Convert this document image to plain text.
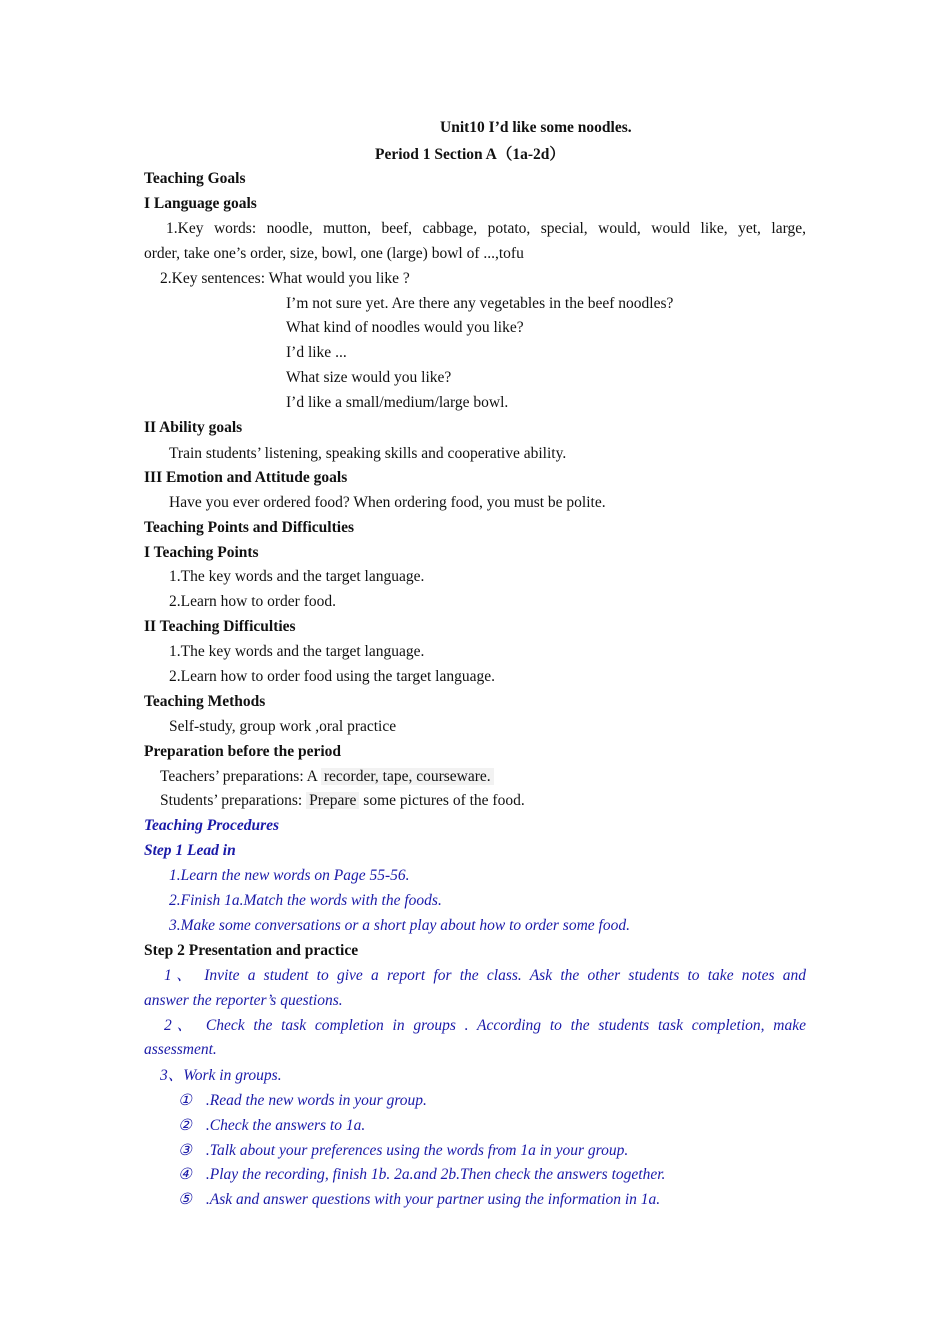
Unit10 I’d like some noodles.
Period 1 Section A（1a-2d）
Teaching Goals
I Language goals
1.Key words: noodle, mutton, beef, cabbage, potato, special, would, would like, yet, large,
order, take one’s order, size, bowl, one (large) bowl of ...,tofu
2.Key sentences: What would you like ?
I’m not sure yet. Are there any vegetables in the beef noodles?
What kind of noodles would you like?
I’d like ...
What size would you like?
I’d like a small/medium/large bowl.
II Ability goals
Train students’ listening, speaking skills and cooperative ability.
III Emotion and Attitude goals
Have you ever ordered food? When ordering food, you must be polite.
Teaching Points and Difficulties
I Teaching Points
1.The key words and the target language.
2.Learn how to order food.
II Teaching Difficulties
1.The key words and the target language.
2.Learn how to order food using the target language.
Teaching Methods
Self-study, group work ,oral practice
Preparation before the period
Teachers’ preparations: A recorder, tape, courseware.
Students’ preparations: Prepare some pictures of the food.
Teaching Procedures
Step 1 Lead in
1.Learn the new words on Page 55-56.
2.Finish 1a.Match the words with the foods.
3.Make some conversations or a short play about how to order some food.
Step 2 Presentation and practice
1、 Invite a student to give a report for the class. Ask the other students to take notes and
answer the reporter’s questions.
2、 Check the task completion in groups . According to the students task completion, make
assessment.
3、Work in groups.
① .Read the new words in your group.
② .Check the answers to 1a.
③ .Talk about your preferences using the words from 1a in your group.
④ .Play the recording, finish 1b. 2a.and 2b.Then check the answers together.
⑤ .Ask and answer questions with your partner using the information in 1a.
